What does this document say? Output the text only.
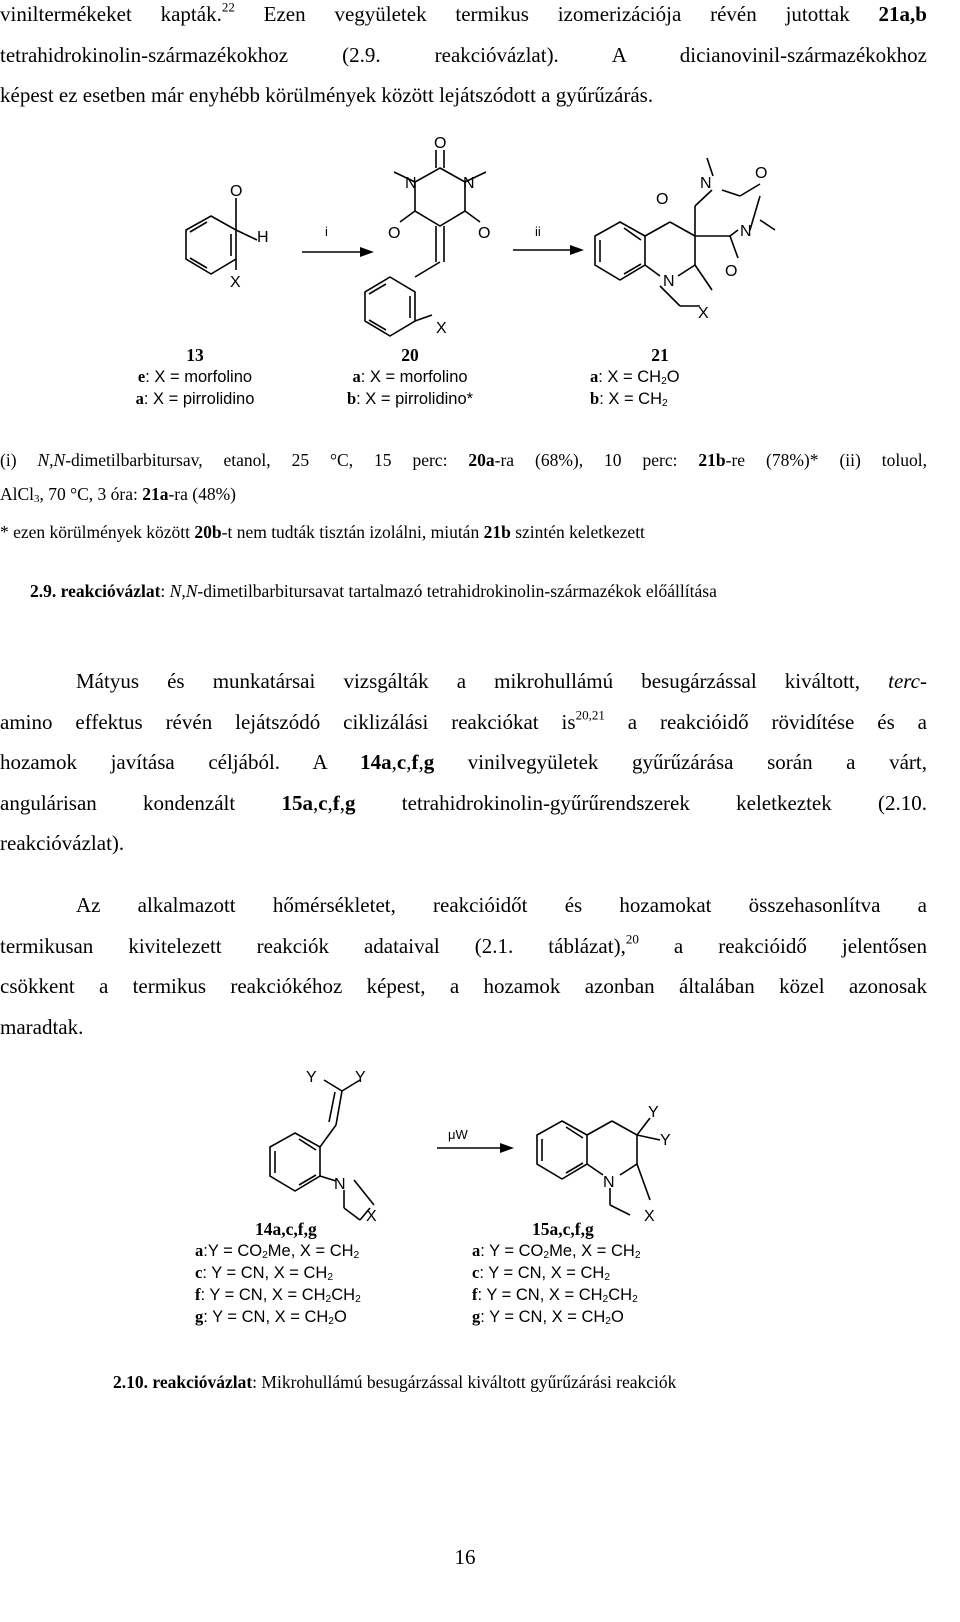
viniltermékeket kapták.$^{22}$ Ezen vegyületek termikus izomerizációja révén jutottak 21a,b
tetrahidrokinolin-származékokhoz (2.9. reakcióvázlat). A dicianovinil-származékokhoz
képest ez esetben már enyhébb körülmények között lejátszódott a gyűrűzárás.
O
H
X
i
O
N	N
O	O
X
ii
N
O
O
N
O
N
X
13
e: X = morfolino
a: X = pirrolidino
20
a: X = morfolino
b: X = pirrolidino*
21
a: $X = CH_2O$
b: $X = CH_2$
(i) N,N-dimetilbarbitursav, etanol, 25 °C, 15 perc: 20a-ra (68%), 10 perc: 21b-re (78%)* (ii) toluol,
AlCl$_3$, 70 °C, 3 óra: 21a-ra (48%)
* ezen körülmények között 20b-t nem tudták tisztán izolálni, miután 21b szintén keletkezett
2.9. reakcióvázlat: N,N-dimetilbarbitursavat tartalmazó tetrahidrokinolin-származékok előállítása
Mátyus és munkatársai vizsgálták a mikrohullámú besugárzással kiváltott, terc-
amino effektus révén lejátszódó ciklizálási reakciókat is$^{20,21}$ a reakcióidő rövidítése és a
hozamok javítása céljából. A 14a,c,f,g vinilvegyületek gyűrűzárása során a várt,
angulárisan kondenzált 15a,c,f,g tetrahidrokinolin-gyűrűrendszerek keletkeztek (2.10.
reakcióvázlat).
Az alkalmazott hőmérsékletet, reakcióidőt és hozamokat összehasonlítva a
termikusan kivitelezett reakciók adataival (2.1. táblázat),$^{20}$ a reakcióidő jelentősen
csökkent a termikus reakciókéhoz képest, a hozamok azonban általában közel azonosak
maradtak.
Y
Y
N
X
μW
Y
Y
N
X
14a,c,f,g
a:Y = $CO_2Me$, $X = CH_2$
c: Y = CN, $X = CH_2$
f: Y = CN, $X = CH_2CH_2$
g: Y = CN, $X = CH_2O$
15a,c,f,g
a: $Y = CO_2Me$, $X = CH_2$
c: Y = CN, $X = CH_2$
f: Y = CN, $X = CH_2CH_2$
g: Y = CN, $X = CH_2O$
2.10. reakcióvázlat: Mikrohullámú besugárzással kiváltott gyűrűzárási reakciók
16
